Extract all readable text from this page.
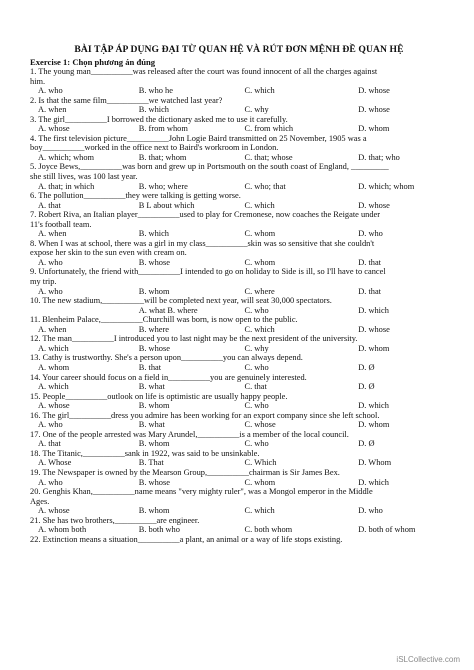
BÀI TẬP ÁP DỤNG ĐẠI TỪ QUAN HỆ VÀ RÚT ĐƠN MỆNH ĐỀ QUAN HỆ
Exercise 1: Chọn phương án đúng
1. The young man__________was released after the court was found innocent of all the charges against
him.
A. who	B. who he	C. which	D. whose
2. Is that the same film__________we watched last year?
A. when	B. which	C. why	D. whose
3. The girl__________I borrowed the dictionary asked me to use it carefully.
A. whose	B. from whom	C. from which	D. whom
4. The first television picture__________John Logie Baird transmitted on 25 November, 1905 was a
boy__________worked in the office next to Baird's workroom in London.
A. which; whom	B. that; whom	C. that; whose	D. that; who
5. Joyce Bews,__________was born and grew up in Portsmouth on the south coast of England, _________
she still lives, was 100 last year.
A. that; in which	B. who; where	C. who; that	D. which; whom
6. The pollution__________they were talking is getting worse.
A. that	B L about which	C. which	D. whose
7. Robert Riva, an Italian player__________used to play for Cremonese, now coaches the Reigate under
11's football team.
A. when	B. which	C. whom	D. who
8. When I was at school, there was a girl in my class__________skin was so sensitive that she couldn't
expose her skin to the sun even with cream on.
A. who	B. whose	C. whom	D. that
9. Unfortunately, the friend with__________I intended to go on holiday to Side is ill, so I'll have to cancel
my trip.
A. who	B. whom	C. where	D. that
10. The new stadium,__________will be completed next year, will seat 30,000 spectators.
A. what B. where	C. who	D. which
11. Blenheim Palace,__________Churchill was born, is now open to the public.
A. when	B. where	C. which	D. whose
12. The man__________I introduced you to last night may be the next president of the university.
A. which	B. whose	C. why	D. whom
13. Cathy is trustworthy. She's a person upon__________you can always depend.
A. whom	B. that	C. who	D. Ø
14. Your career should focus on a field in__________you are genuinely interested.
A. which	B. what	C. that	D. Ø
15. People__________outlook on life is optimistic are usually happy people.
A. whose	B. whom	C. who	D. which
16. The girl__________dress you admire has been working for an export company since she left school.
A. who	B. what	C. whose	D. whom
17. One of the people arrested was Mary Arundel,__________is a member of the local council.
A. that	B. whom	C. who	D. Ø
18. The Titanic,__________sank in 1922, was said to be unsinkable.
A. Whose	B. That	C. Which	D. Whom
19. The Newspaper is owned by the Mearson Group,__________chairman is Sir James Bex.
A. who	B. whose	C. whom	D. which
20. Genghis Khan,__________name means "very mighty ruler", was a Mongol emperor in the Middle
Ages.
A. whose	B. whom	C. which	D. who
21. She has two brothers,__________are engineer.
A. whom both	B. both who	C. both whom	D. both of whom
22. Extinction means a situation__________a plant, an animal or a way of life stops existing.
iSLCollective.com
